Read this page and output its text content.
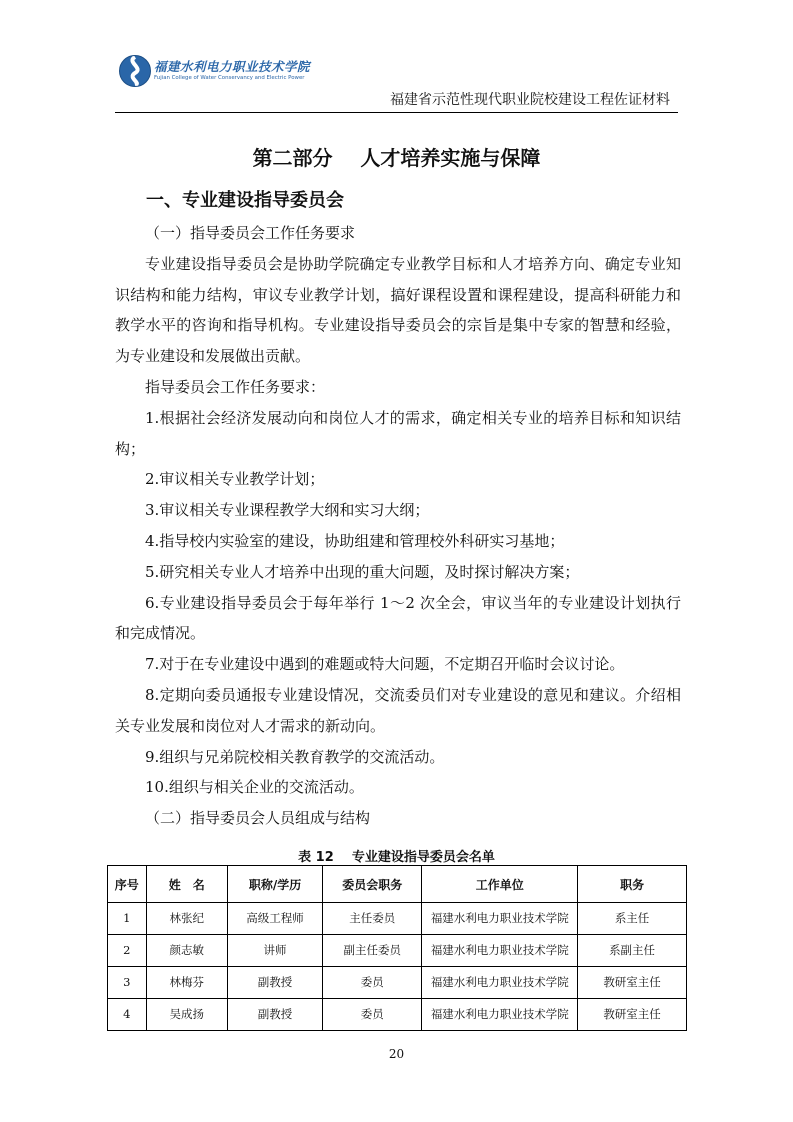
福建水利电力职业技术学院
Fujian College of Water Conservancy and Electric Power
福建省示范性现代职业院校建设工程佐证材料
第二部分    人才培养实施与保障
一、专业建设指导委员会

（一）指导委员会工作任务要求

专业建设指导委员会是协助学院确定专业教学目标和人才培养方向、确定专业知识结构和能力结构，审议专业教学计划，搞好课程设置和课程建设，提高科研能力和教学水平的咨询和指导机构。专业建设指导委员会的宗旨是集中专家的智慧和经验，为专业建设和发展做出贡献。

指导委员会工作任务要求：

1.根据社会经济发展动向和岗位人才的需求，确定相关专业的培养目标和知识结构；

2.审议相关专业教学计划；

3.审议相关专业课程教学大纲和实习大纲；

4.指导校内实验室的建设，协助组建和管理校外科研实习基地；

5.研究相关专业人才培养中出现的重大问题，及时探讨解决方案；

6.专业建设指导委员会于每年举行 1～2 次全会，审议当年的专业建设计划执行和完成情况。

7.对于在专业建设中遇到的难题或特大问题，不定期召开临时会议讨论。

8.定期向委员通报专业建设情况，交流委员们对专业建设的意见和建议。介绍相关专业发展和岗位对人才需求的新动向。

9.组织与兄弟院校相关教育教学的交流活动。

10.组织与相关企业的交流活动。

（二）指导委员会人员组成与结构

表 12    专业建设指导委员会名单
序号	姓　名	职称/学历	委员会职务	工作单位	职务
1	林张纪	高级工程师	主任委员	福建水利电力职业技术学院	系主任
2	颜志敏	讲师	副主任委员	福建水利电力职业技术学院	系副主任
3	林梅芬	副教授	委员	福建水利电力职业技术学院	教研室主任
4	吴成扬	副教授	委员	福建水利电力职业技术学院	教研室主任
20
